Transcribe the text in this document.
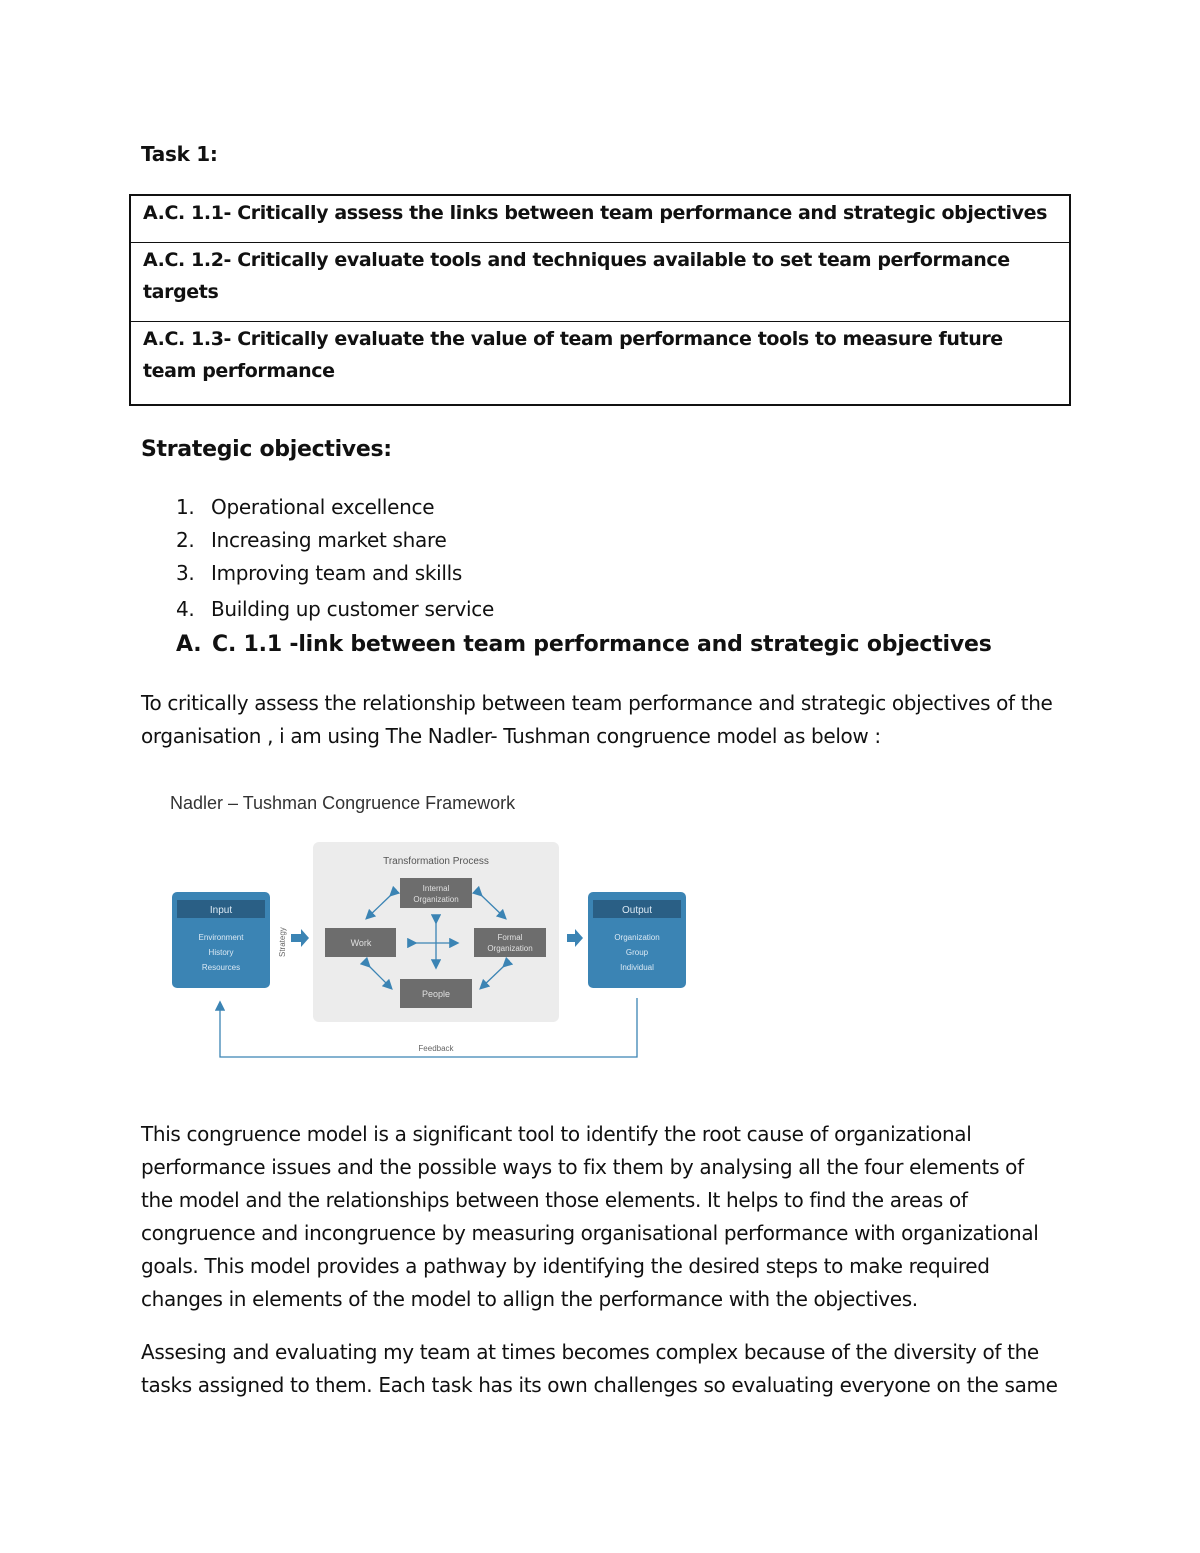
Task 1:
A.C. 1.1- Critically assess the links between team performance and strategic objectives
A.C. 1.2- Critically evaluate tools and techniques available to set team performance targets
A.C. 1.3- Critically evaluate the value of team performance tools to measure future team performance
Strategic objectives:
1. Operational excellence
2. Increasing market share
3. Improving team and skills
4. Building up customer service
A. C. 1.1 -link between team performance and strategic objectives
To critically assess the relationship between team performance and strategic objectives of the organisation , i am using The Nadler- Tushman congruence model as below :
Nadler – Tushman Congruence Framework
Transformation Process
Input
Environment
History
Resources
Strategy
Internal
Organization
Work
Formal
Organization
People
Output
Organization
Group
Individual
Feedback
This congruence model is a significant tool to identify the root cause of organizational performance issues and the possible ways to fix them by analysing all the four elements of the model and the relationships between those elements. It helps to find the areas of congruence and incongruence by measuring organisational performance with organizational goals. This model provides a pathway by identifying the desired steps to make required changes in elements of the model to allign the performance with the objectives.
Assesing and evaluating my team at times becomes complex because of the diversity of the tasks assigned to them. Each task has its own challenges so evaluating everyone on the same
